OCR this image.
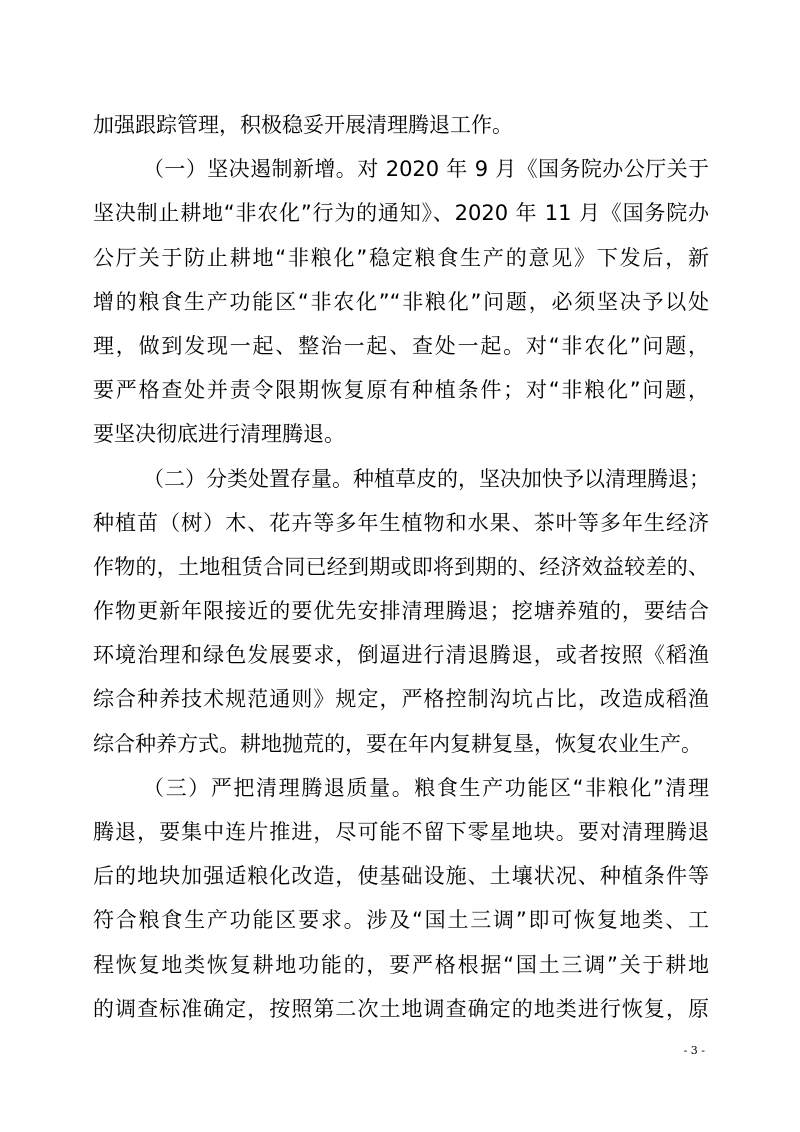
加强跟踪管理，积极稳妥开展清理腾退工作。
（一）坚决遏制新增。对 2020 年 9 月《国务院办公厅关于
坚决制止耕地“非农化”行为的通知》、2020 年 11 月《国务院办
公厅关于防止耕地“非粮化”稳定粮食生产的意见》下发后，新
增的粮食生产功能区“非农化”“非粮化”问题，必须坚决予以处
理，做到发现一起、整治一起、查处一起。对“非农化”问题，
要严格查处并责令限期恢复原有种植条件；对“非粮化”问题，
要坚决彻底进行清理腾退。
（二）分类处置存量。种植草皮的，坚决加快予以清理腾退；
种植苗（树）木、花卉等多年生植物和水果、茶叶等多年生经济
作物的，土地租赁合同已经到期或即将到期的、经济效益较差的、
作物更新年限接近的要优先安排清理腾退；挖塘养殖的，要结合
环境治理和绿色发展要求，倒逼进行清退腾退，或者按照《稻渔
综合种养技术规范通则》规定，严格控制沟坑占比，改造成稻渔
综合种养方式。耕地抛荒的，要在年内复耕复垦，恢复农业生产。
（三）严把清理腾退质量。粮食生产功能区“非粮化”清理
腾退，要集中连片推进，尽可能不留下零星地块。要对清理腾退
后的地块加强适粮化改造，使基础设施、土壤状况、种植条件等
符合粮食生产功能区要求。涉及“国土三调”即可恢复地类、工
程恢复地类恢复耕地功能的，要严格根据“国土三调”关于耕地
的调查标准确定，按照第二次土地调查确定的地类进行恢复，原
- 3 -
